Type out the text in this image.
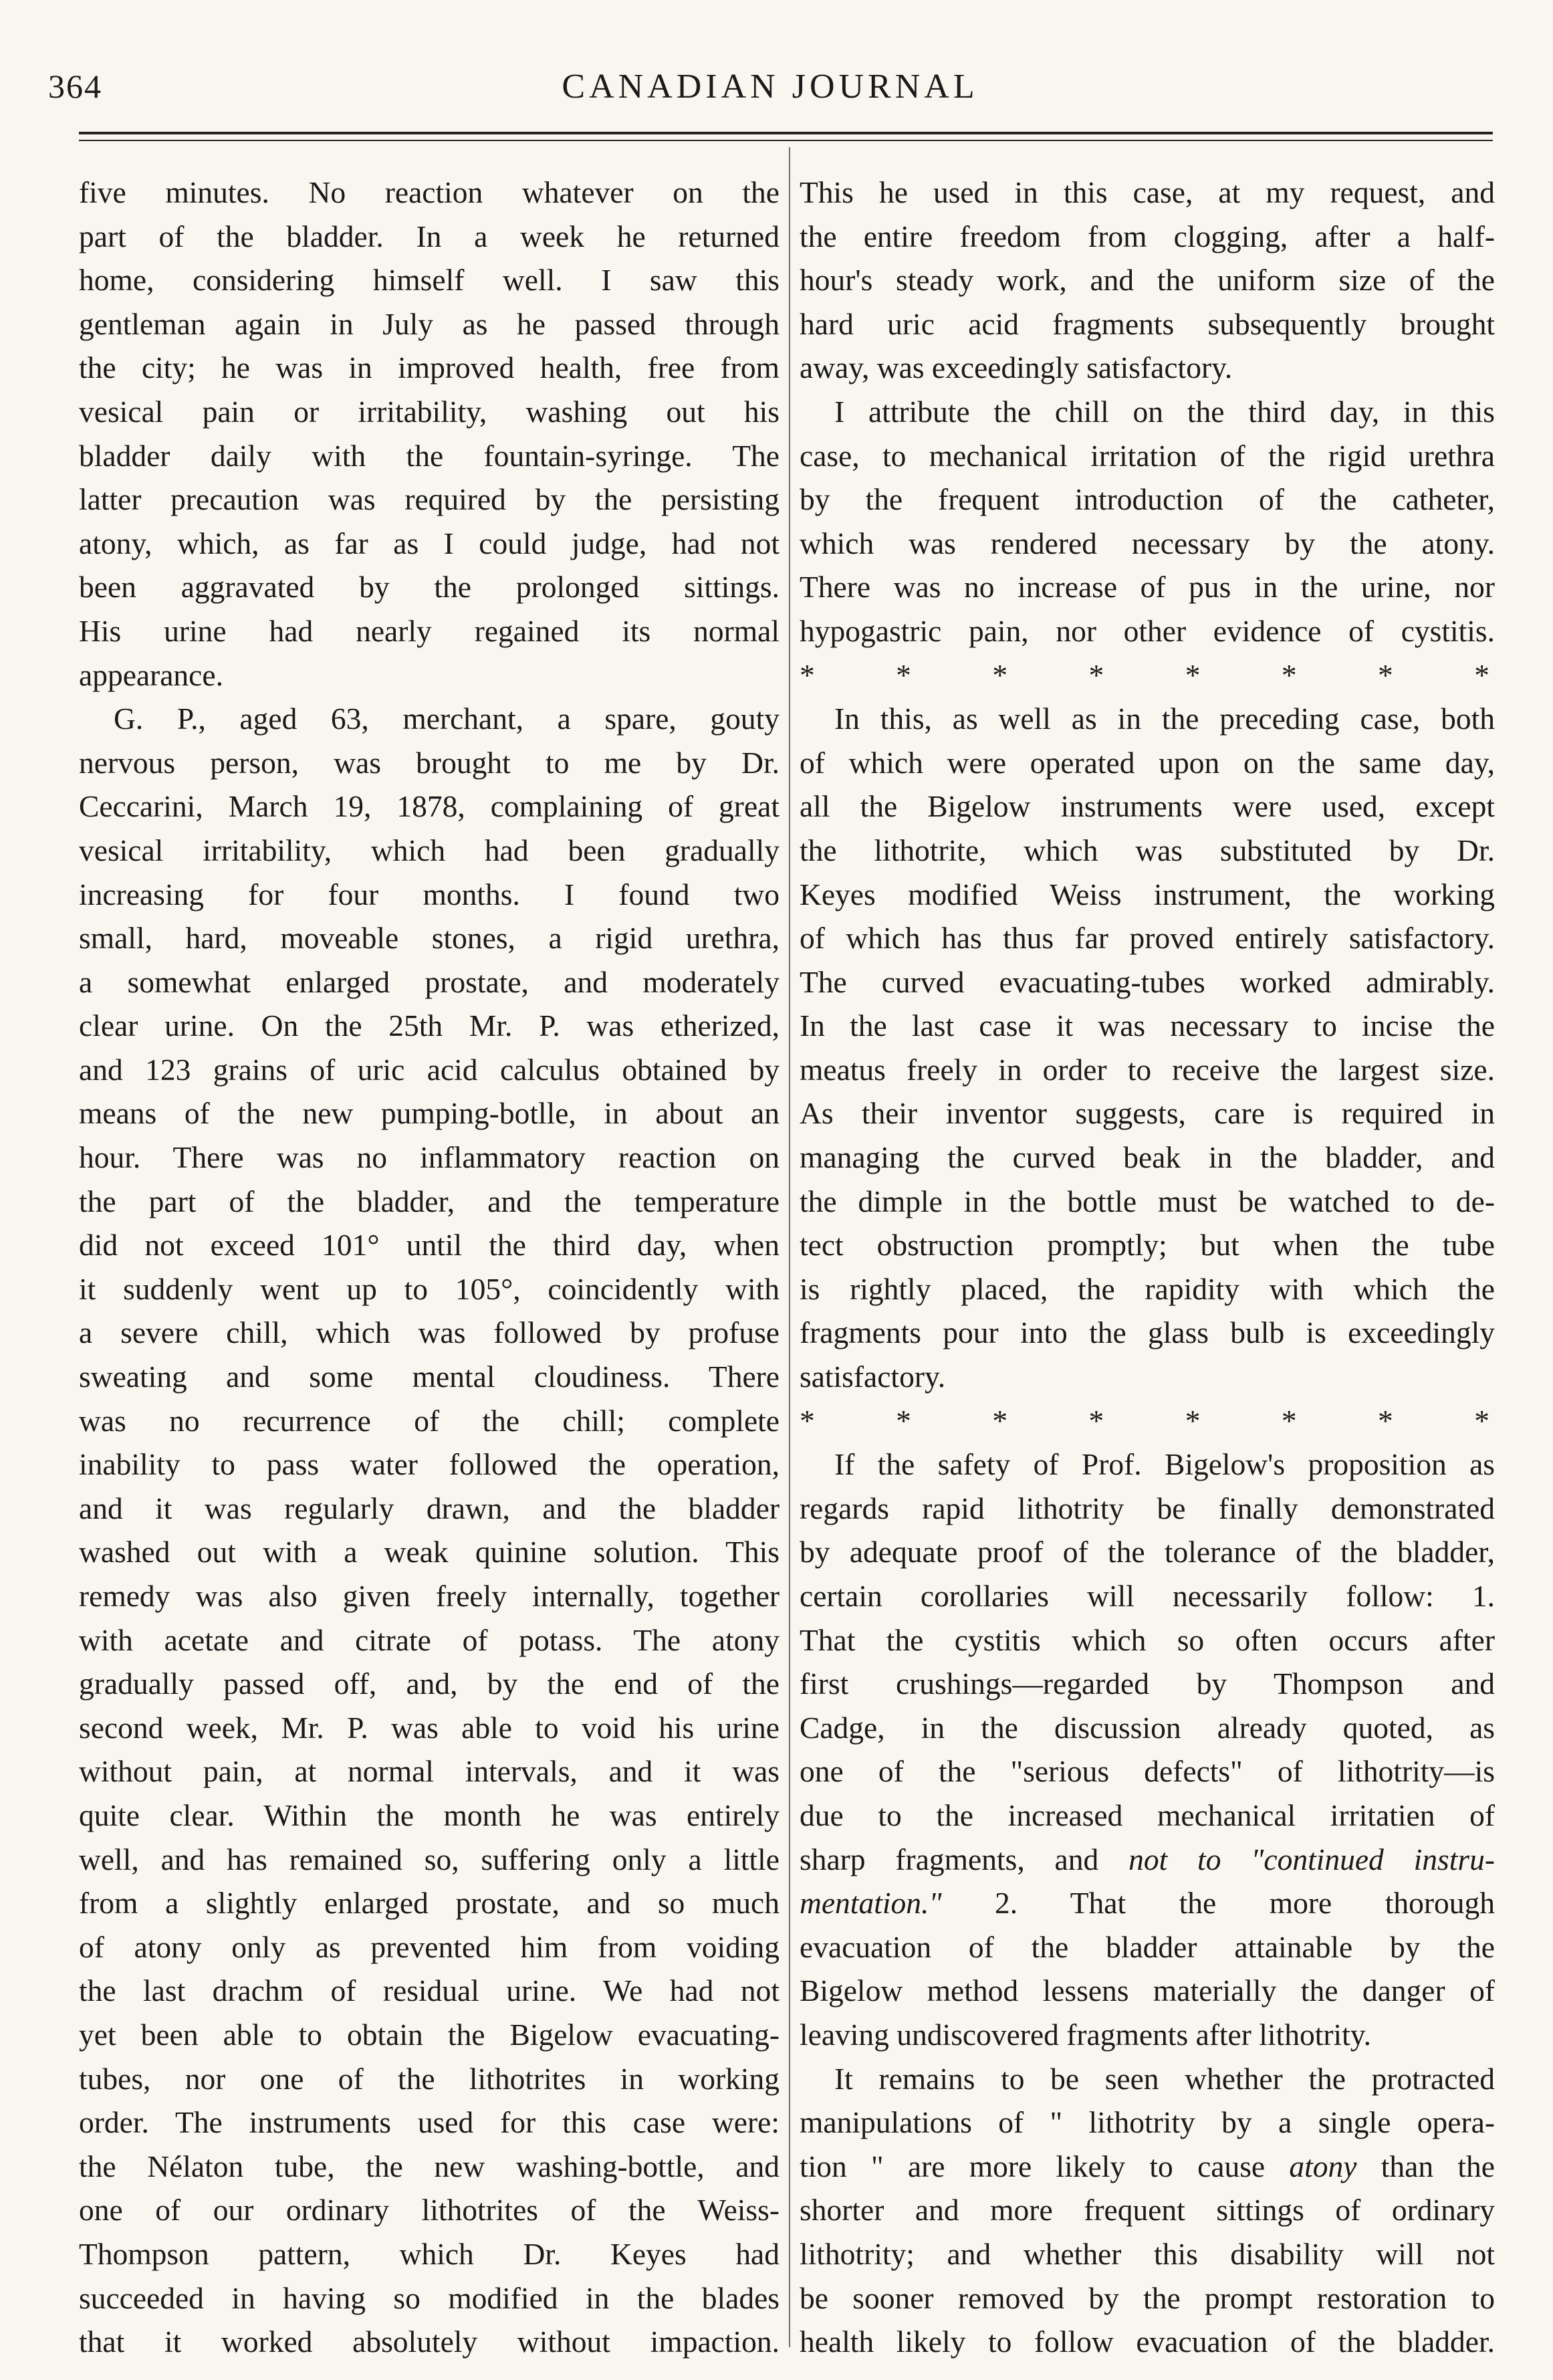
364	CANADIAN JOURNAL
five minutes. No reaction whatever on the
part of the bladder. In a week he returned
home, considering himself well. I saw this
gentleman again in July as he passed through
the city; he was in improved health, free from
vesical pain or irritability, washing out his
bladder daily with the fountain-syringe. The
latter precaution was required by the persisting
atony, which, as far as I could judge, had not
been aggravated by the prolonged sittings.
His urine had nearly regained its normal
appearance.
G. P., aged 63, merchant, a spare, gouty
nervous person, was brought to me by Dr.
Ceccarini, March 19, 1878, complaining of great
vesical irritability, which had been gradually
increasing for four months. I found two
small, hard, moveable stones, a rigid urethra,
a somewhat enlarged prostate, and moderately
clear urine. On the 25th Mr. P. was etherized,
and 123 grains of uric acid calculus obtained by
means of the new pumping-botlle, in about an
hour. There was no inflammatory reaction on
the part of the bladder, and the temperature
did not exceed 101° until the third day, when
it suddenly went up to 105°, coincidently with
a severe chill, which was followed by profuse
sweating and some mental cloudiness. There
was no recurrence of the chill; complete
inability to pass water followed the operation,
and it was regularly drawn, and the bladder
washed out with a weak quinine solution. This
remedy was also given freely internally, together
with acetate and citrate of potass. The atony
gradually passed off, and, by the end of the
second week, Mr. P. was able to void his urine
without pain, at normal intervals, and it was
quite clear. Within the month he was entirely
well, and has remained so, suffering only a little
from a slightly enlarged prostate, and so much
of atony only as prevented him from voiding
the last drachm of residual urine. We had not
yet been able to obtain the Bigelow evacuating-
tubes, nor one of the lithotrites in working
order. The instruments used for this case were:
the Nélaton tube, the new washing-bottle, and
one of our ordinary lithotrites of the Weiss-
Thompson pattern, which Dr. Keyes had
succeeded in having so modified in the blades
that it worked absolutely without impaction.
This he used in this case, at my request, and
the entire freedom from clogging, after a half-
hour's steady work, and the uniform size of the
hard uric acid fragments subsequently brought
away, was exceedingly satisfactory.
I attribute the chill on the third day, in this
case, to mechanical irritation of the rigid urethra
by the frequent introduction of the catheter,
which was rendered necessary by the atony.
There was no increase of pus in the urine, nor
hypogastric pain, nor other evidence of cystitis.
*	*	*	*	*	*	*	*
In this, as well as in the preceding case, both
of which were operated upon on the same day,
all the Bigelow instruments were used, except
the lithotrite, which was substituted by Dr.
Keyes modified Weiss instrument, the working
of which has thus far proved entirely satisfactory.
The curved evacuating-tubes worked admirably.
In the last case it was necessary to incise the
meatus freely in order to receive the largest size.
As their inventor suggests, care is required in
managing the curved beak in the bladder, and
the dimple in the bottle must be watched to de-
tect obstruction promptly; but when the tube
is rightly placed, the rapidity with which the
fragments pour into the glass bulb is exceedingly
satisfactory.
*	*	*	*	*	*	*	*
If the safety of Prof. Bigelow's proposition as
regards rapid lithotrity be finally demonstrated
by adequate proof of the tolerance of the bladder,
certain corollaries will necessarily follow: 1.
That the cystitis which so often occurs after
first crushings—regarded by Thompson and
Cadge, in the discussion already quoted, as
one of the "serious defects" of lithotrity—is
due to the increased mechanical irritatien of
sharp fragments, and not to "continued instru-
mentation." 2. That the more thorough
evacuation of the bladder attainable by the
Bigelow method lessens materially the danger of
leaving undiscovered fragments after lithotrity.
It remains to be seen whether the protracted
manipulations of " lithotrity by a single opera-
tion " are more likely to cause atony than the
shorter and more frequent sittings of ordinary
lithotrity; and whether this disability will not
be sooner removed by the prompt restoration to
health likely to follow evacuation of the bladder.
